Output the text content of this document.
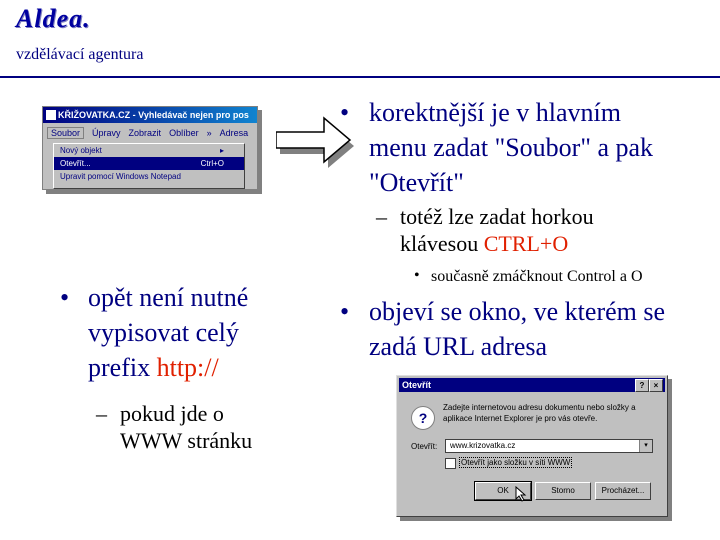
Aldea.
vzdělávací agentura
KŘIŽOVATKA.CZ - Vyhledávač nejen pro pos
Soubor Úpravy Zobrazit Oblíber » Adresa
Nový objekt	▸
Otevřít...	Ctrl+O
Upravit pomocí Windows Notepad
• korektnější je v hlavním
menu zadat "Soubor" a pak
"Otevřít"
– totéž lze zadat horkou
klávesou CTRL+O
• současně zmáčknout Control a O
• objeví se okno, ve kterém se
zadá URL adresa
• opět není nutné
vypisovat celý
prefix http://
– pokud jde o
WWW stránku
Otevřít	?	×
?
Zadejte internetovou adresu dokumentu nebo složky a aplikace Internet Explorer je pro vás otevře.
Otevřít:	www.krizovatka.cz	▾
Otevřít jako složku v síti WWW
OK	Storno	Procházet...
